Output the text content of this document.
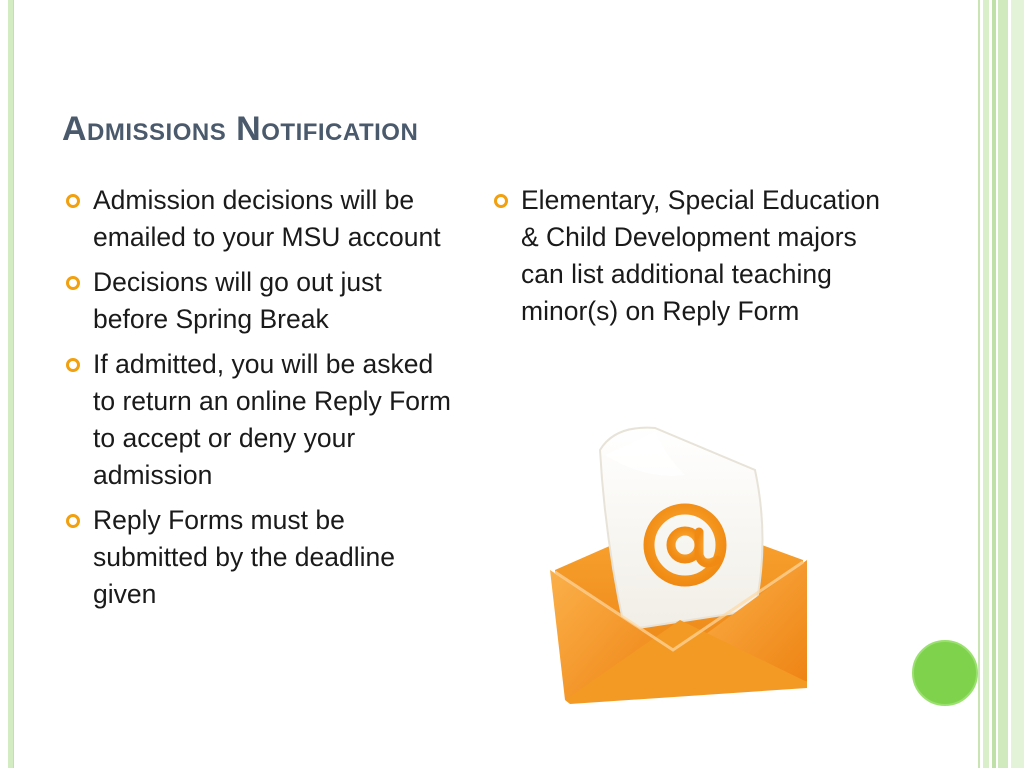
Admissions Notification
Admission decisions will be emailed to your MSU account
Decisions will go out just before Spring Break
If admitted, you will be asked to return an online Reply Form to accept or deny your admission
Reply Forms must be submitted by the deadline given
Elementary, Special Education & Child Development majors can list additional teaching minor(s) on Reply Form
